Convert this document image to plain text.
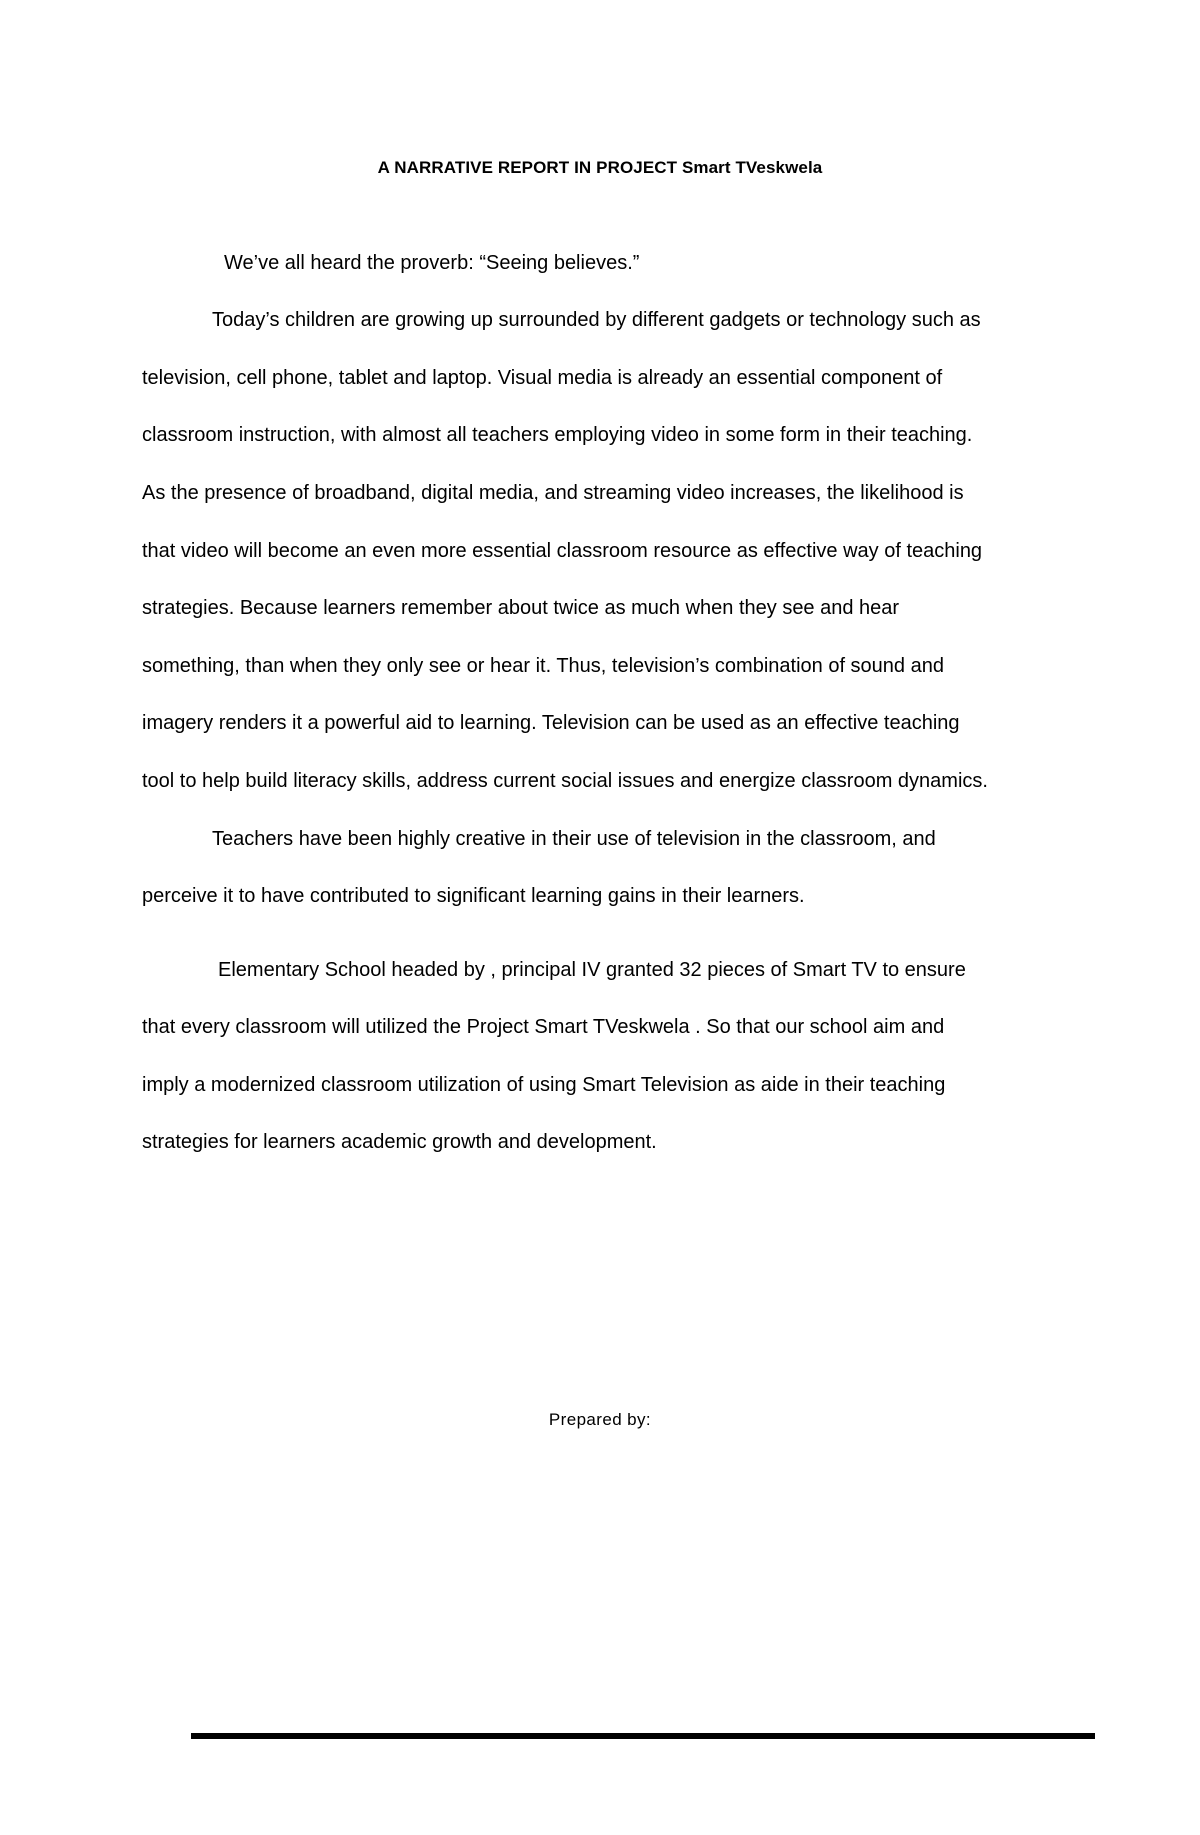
A NARRATIVE REPORT IN PROJECT Smart TVeskwela
We’ve all heard the proverb: “Seeing believes.”
Today’s children are growing up surrounded by different gadgets or technology such as
television, cell phone, tablet and laptop. Visual media is already an essential component of
classroom instruction, with almost all teachers employing video in some form in their teaching.
As the presence of broadband, digital media, and streaming video increases, the likelihood is
that video will become an even more essential classroom resource as effective way of teaching
strategies. Because learners remember about twice as much when they see and hear
something, than when they only see or hear it. Thus, television’s combination of sound and
imagery renders it a powerful aid to learning. Television can be used as an effective teaching
tool to help build literacy skills, address current social issues and energize classroom dynamics.
Teachers have been highly creative in their use of television in the classroom, and
perceive it to have contributed to significant learning gains in their learners.
Elementary School headed by , principal IV granted 32 pieces of Smart TV to ensure
that every classroom will utilized the Project Smart TVeskwela . So that our school aim and
imply a modernized classroom utilization of using Smart Television as aide in their teaching
strategies for learners academic growth and development.
Prepared by:
